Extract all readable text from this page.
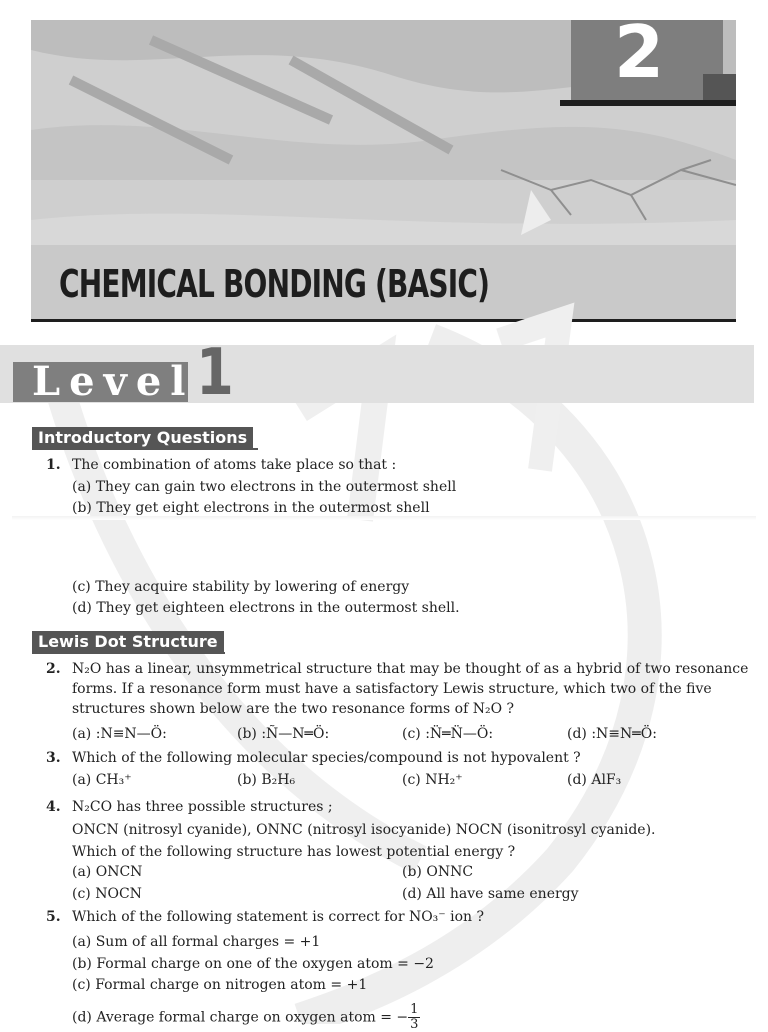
2
CHEMICAL BONDING (BASIC)
Level 1
Introductory Questions
1. The combination of atoms take place so that :
(a) They can gain two electrons in the outermost shell
(b) They get eight electrons in the outermost shell
(c) They acquire stability by lowering of energy
(d) They get eighteen electrons in the outermost shell.
Lewis Dot Structure
2. N₂O has a linear, unsymmetrical structure that may be thought of as a hybrid of two resonance
forms. If a resonance form must have a satisfactory Lewis structure, which two of the five
structures shown below are the two resonance forms of N₂O ?
(a) :N≡N—Ö:	(b) :Ñ—N═Ö:	(c) :N̈═N̈—Ö:	(d) :N≡N═Ö:
3. Which of the following molecular species/compound is not hypovalent ?
(a) CH₃⁺	(b) B₂H₆	(c) NH₂⁺	(d) AlF₃
4. N₂CO has three possible structures ;
ONCN (nitrosyl cyanide), ONNC (nitrosyl isocyanide) NOCN (isonitrosyl cyanide).
Which of the following structure has lowest potential energy ?
(a) ONCN	(b) ONNC
(c) NOCN	(d) All have same energy
5. Which of the following statement is correct for NO₃⁻ ion ?
(a) Sum of all formal charges = +1
(b) Formal charge on one of the oxygen atom = −2
(c) Formal charge on nitrogen atom = +1
(d) Average formal charge on oxygen atom = − $\frac{1}{3}$
